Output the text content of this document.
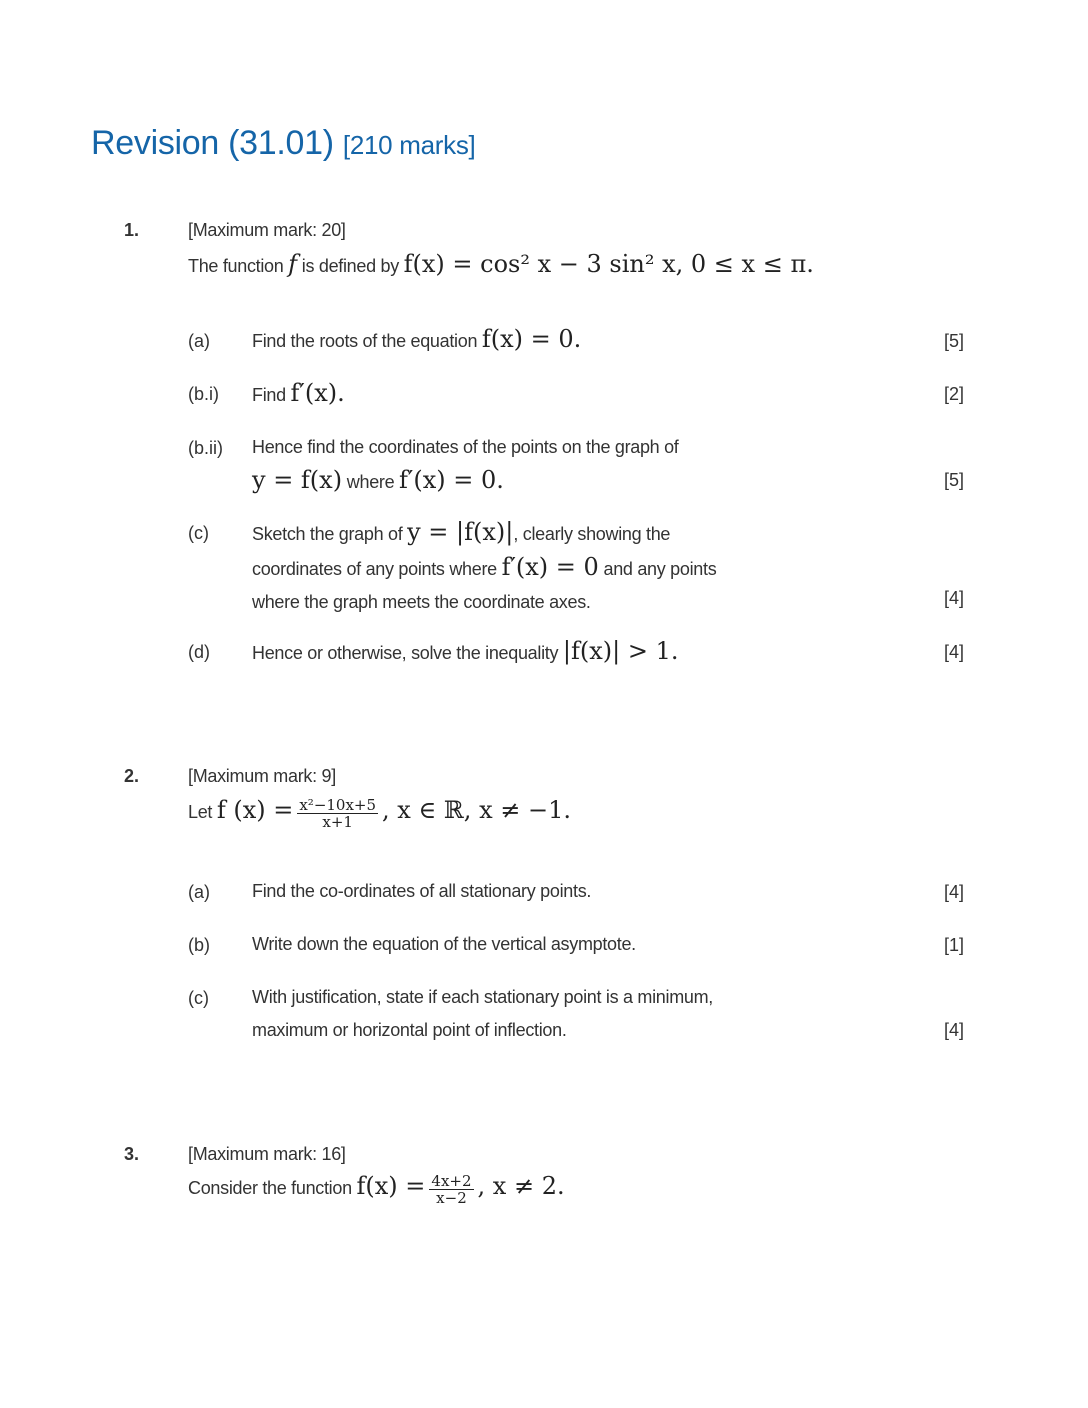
Revision (31.01) [210 marks]
1.	[Maximum mark: 20]
The function f is defined by f(x) = cos² x − 3 sin² x, 0 ≤ x ≤ π.
(a) Find the roots of the equation f(x) = 0.	[5]
(b.i) Find f′(x).	[2]
(b.ii) Hence find the coordinates of the points on the graph of
y = f(x) where f′(x) = 0.	[5]
(c) Sketch the graph of y = |f(x)|, clearly showing the
coordinates of any points where f′(x) = 0 and any points
where the graph meets the coordinate axes.	[4]
(d) Hence or otherwise, solve the inequality |f(x)| > 1.	[4]
2.	[Maximum mark: 9]
Let f $(x) = \frac{\text{x²−10x+5}}{x+1}$ , x ∈ ℝ, x ≠ −1.
(a) Find the co-ordinates of all stationary points.	[4]
(b) Write down the equation of the vertical asymptote.	[1]
(c) With justification, state if each stationary point is a minimum,
maximum or horizontal point of inflection.	[4]
3.	[Maximum mark: 16]
Consider the function $f(x) = \frac{4x+2}{x-2}$ , x ≠ 2.
